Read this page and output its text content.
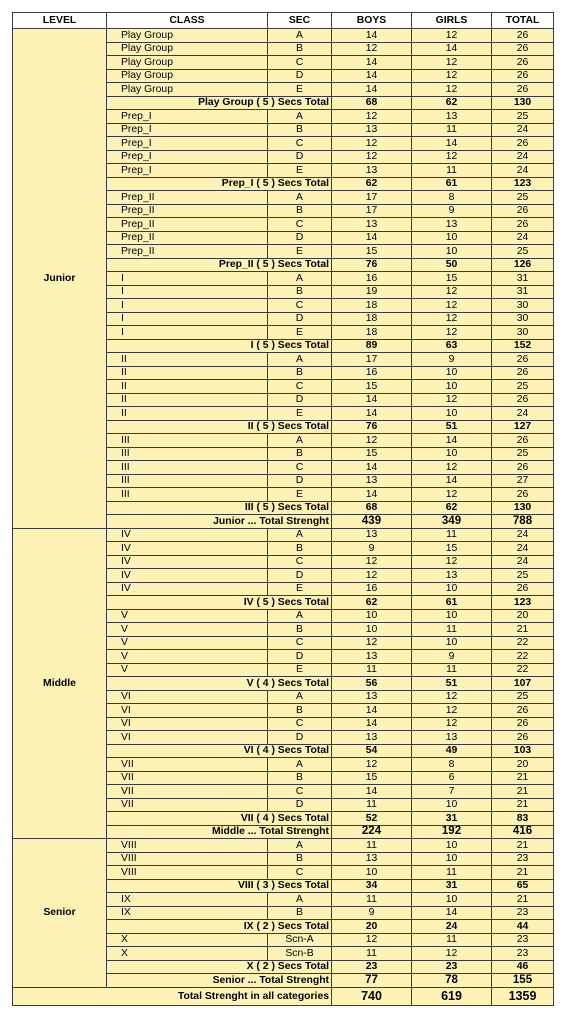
LEVEL	CLASS	SEC	BOYS	GIRLS	TOTAL
Junior	Play Group	A	14	12	26
	Play Group	B	12	14	26
	Play Group	C	14	12	26
	Play Group	D	14	12	26
	Play Group	E	14	12	26
	Play Group ( 5 ) Secs Total		68	62	130
	Prep_I	A	12	13	25
	Prep_I	B	13	11	24
	Prep_I	C	12	14	26
	Prep_I	D	12	12	24
	Prep_I	E	13	11	24
	Prep_I ( 5 ) Secs Total		62	61	123
	Prep_II	A	17	8	25
	Prep_II	B	17	9	26
	Prep_II	C	13	13	26
	Prep_II	D	14	10	24
	Prep_II	E	15	10	25
	Prep_II ( 5 ) Secs Total		76	50	126
	I	A	16	15	31
	I	B	19	12	31
	I	C	18	12	30
	I	D	18	12	30
	I	E	18	12	30
	I ( 5 ) Secs Total		89	63	152
	II	A	17	9	26
	II	B	16	10	26
	II	C	15	10	25
	II	D	14	12	26
	II	E	14	10	24
	II ( 5 ) Secs Total		76	51	127
	III	A	12	14	26
	III	B	15	10	25
	III	C	14	12	26
	III	D	13	14	27
	III	E	14	12	26
	III ( 5 ) Secs Total		68	62	130
	Junior ... Total Strenght		439	349	788
Middle	IV	A	13	11	24
	IV	B	9	15	24
	IV	C	12	12	24
	IV	D	12	13	25
	IV	E	16	10	26
	IV ( 5 ) Secs Total		62	61	123
	V	A	10	10	20
	V	B	10	11	21
	V	C	12	10	22
	V	D	13	9	22
	V	E	11	11	22
	V ( 4 ) Secs Total		56	51	107
	VI	A	13	12	25
	VI	B	14	12	26
	VI	C	14	12	26
	VI	D	13	13	26
	VI ( 4 ) Secs Total		54	49	103
	VII	A	12	8	20
	VII	B	15	6	21
	VII	C	14	7	21
	VII	D	11	10	21
	VII ( 4 ) Secs Total		52	31	83
	Middle ... Total Strenght		224	192	416
Senior	VIII	A	11	10	21
	VIII	B	13	10	23
	VIII	C	10	11	21
	VIII ( 3 ) Secs Total		34	31	65
	IX	A	11	10	21
	IX	B	9	14	23
	IX ( 2 ) Secs Total		20	24	44
	X	Scn-A	12	11	23
	X	Scn-B	11	12	23
	X ( 2 ) Secs Total		23	23	46
	Senior ... Total Strenght		77	78	155
Total Strenght in all categories			740	619	1359
